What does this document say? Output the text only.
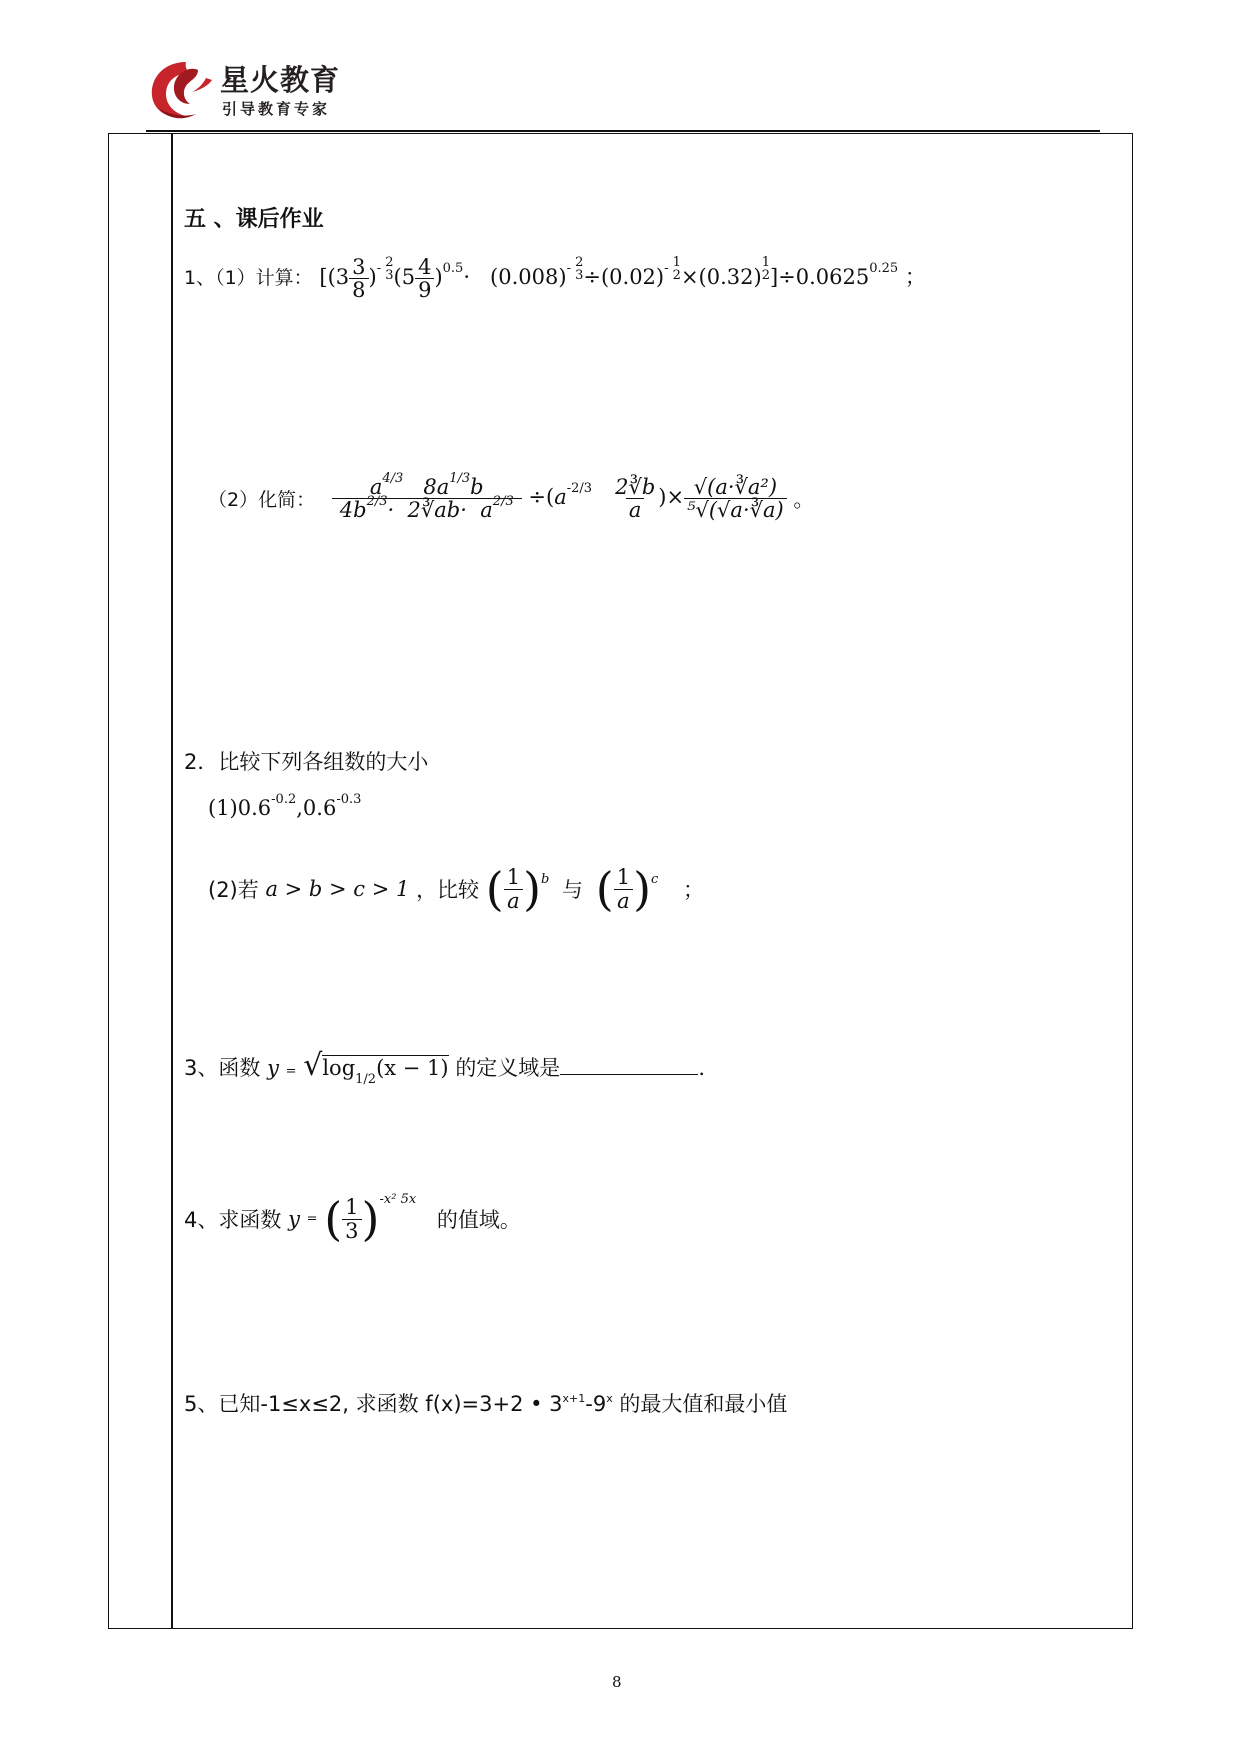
星火教育
引导教育专家
五 、课后作业
1、（1）计算： [$(3 \frac{3}{8} )^{- 2 3}$ $(5 \frac{4}{9} )^{0.5}\cdot (0.008)^{- 2 3} \div(0.02)^{- 1 2} \times(0.32)$
$^{1 2}$ ]$\div 0.0625^{0.25}$ ；
（2）化简： $\frac{a^{4/3} 8a^{1/3}b}{4b^{2/3}\cdot 2∛ab\cdot a^{2/3}} \div(a^{-2/3} \frac{2∛b}{a}$ )× $\frac{\text{√(a·∛a²)}}{\text{⁵√(√a·∛a)}}$ 。
2．比较下列各组数的大小
$(1)0.6^{-0.2},0.6^{-0.3}$
(2)若 a > b > c > 1 ，比较 ( $\frac{1}{a} )^b$ 与 ( $\frac{1}{a} )^c$ ；
3、函数 $y = √\log_{1/2}(x - 1)$ 的定义域是	.
4、求函数 y = ( $\frac{1}{3} )^{-x^2 5x}$ 的值域。
5、已知-1≤x≤2, 求函数 f(x)=3+2 • $3^{x+1}-9^x$ 的最大值和最小值
8
